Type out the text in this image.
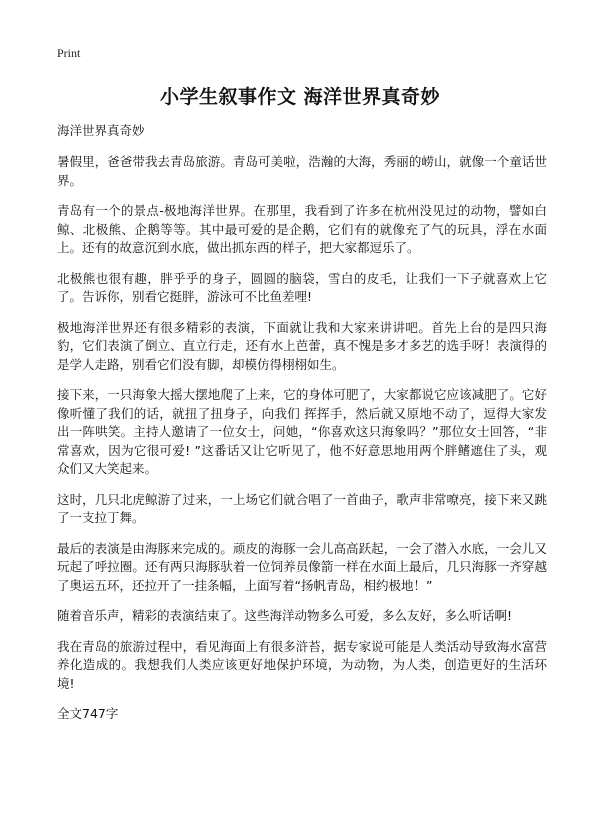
Print
小学生叙事作文 海洋世界真奇妙

海洋世界真奇妙

暑假里，爸爸带我去青岛旅游。青岛可美啦，浩瀚的大海，秀丽的崂山，就像一个童话世界。

青岛有一个的景点-极地海洋世界。在那里，我看到了许多在杭州没见过的动物，譬如白鲸、北极熊、企鹅等等。其中最可爱的是企鹅，它们有的就像充了气的玩具，浮在水面上。还有的故意沉到水底，做出抓东西的样子，把大家都逗乐了。

北极熊也很有趣，胖乎乎的身子，圆圆的脑袋，雪白的皮毛，让我们一下子就喜欢上它了。告诉你，别看它挺胖，游泳可不比鱼差哩!

极地海洋世界还有很多精彩的表演，下面就让我和大家来讲讲吧。首先上台的是四只海豹，它们表演了倒立、直立行走，还有水上芭蕾，真不愧是多才多艺的选手呀！表演得的是学人走路，别看它们没有脚，却模仿得栩栩如生。

接下来，一只海象大摇大摆地爬了上来，它的身体可肥了，大家都说它应该减肥了。它好像听懂了我们的话，就扭了扭身子，向我们 挥挥手，然后就又原地不动了，逗得大家发出一阵哄笑。主持人邀请了一位女士，问她，“你喜欢这只海象吗？”那位女士回答，“非常喜欢，因为它很可爱! ”这番话又让它听见了，他不好意思地用两个胖鳍遮住了头，观众们又大笑起来。

这时，几只北虎鲸游了过来，一上场它们就合唱了一首曲子，歌声非常嘹亮，接下来又跳了一支拉丁舞。

最后的表演是由海豚来完成的。顽皮的海豚一会儿高高跃起，一会了潜入水底，一会儿又玩起了呼拉圈。还有两只海豚驮着一位饲养员像箭一样在水面上最后，几只海豚一齐穿越了奥运五环，还拉开了一挂条幅，上面写着“扬帆青岛，相约极地！”

随着音乐声，精彩的表演结束了。这些海洋动物多么可爱，多么友好，多么听话啊!

我在青岛的旅游过程中，看见海面上有很多浒苔，据专家说可能是人类活动导致海水富营养化造成的。我想我们人类应该更好地保护环境，为动物，为人类，创造更好的生活环境!

全文747字
